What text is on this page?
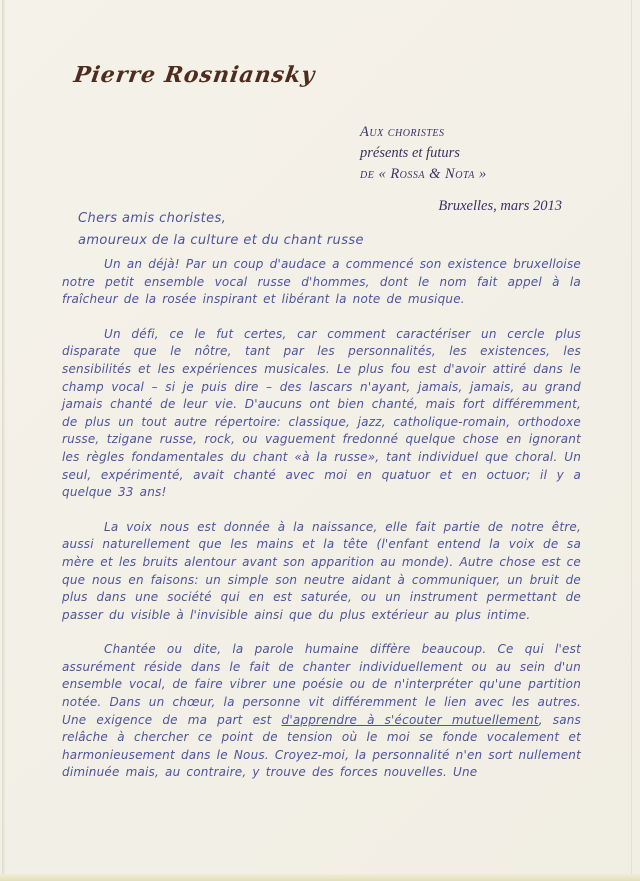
Pierre Rosniansky
Aux choristes
présents et futurs
de « Rossa & Nota »
Bruxelles, mars 2013
Chers amis choristes,
amoureux de la culture et du chant russe

Un an déjà! Par un coup d'audace a commencé son existence bruxelloise notre petit ensemble vocal russe d'hommes, dont le nom fait appel à la fraîcheur de la rosée inspirant et libérant la note de musique.

Un défi, ce le fut certes, car comment caractériser un cercle plus disparate que le nôtre, tant par les personnalités, les existences, les sensibilités et les expériences musicales. Le plus fou est d'avoir attiré dans le champ vocal – si je puis dire – des lascars n'ayant, jamais, jamais, au grand jamais chanté de leur vie. D'aucuns ont bien chanté, mais fort différemment, de plus un tout autre répertoire: classique, jazz, catholique-romain, orthodoxe russe, tzigane russe, rock, ou vaguement fredonné quelque chose en ignorant les règles fondamentales du chant «à la russe», tant individuel que choral. Un seul, expérimenté, avait chanté avec moi en quatuor et en octuor; il y a quelque 33 ans!

La voix nous est donnée à la naissance, elle fait partie de notre être, aussi naturellement que les mains et la tête (l'enfant entend la voix de sa mère et les bruits alentour avant son apparition au monde). Autre chose est ce que nous en faisons: un simple son neutre aidant à communiquer, un bruit de plus dans une société qui en est saturée, ou un instrument permettant de passer du visible à l'invisible ainsi que du plus extérieur au plus intime.

Chantée ou dite, la parole humaine diffère beaucoup. Ce qui l'est assurément réside dans le fait de chanter individuellement ou au sein d'un ensemble vocal, de faire vibrer une poésie ou de n'interpréter qu'une partition notée. Dans un chœur, la personne vit différemment le lien avec les autres. Une exigence de ma part est d'apprendre à s'écouter mutuellement, sans relâche à chercher ce point de tension où le moi se fonde vocalement et harmonieusement dans le Nous. Croyez-moi, la personnalité n'en sort nullement diminuée mais, au contraire, y trouve des forces nouvelles. Une
